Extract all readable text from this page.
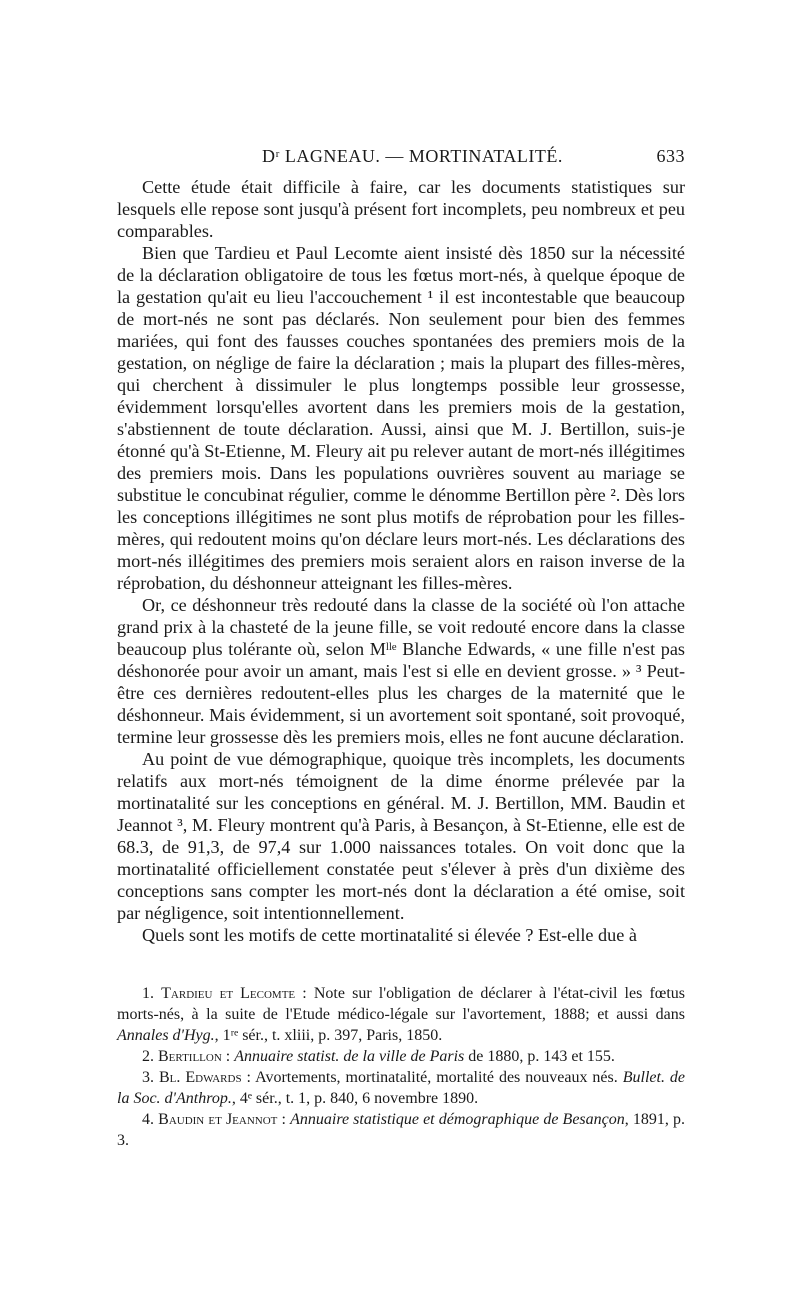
Dʳ LAGNEAU. — MORTINATALITÉ.	633

Cette étude était difficile à faire, car les documents statistiques sur lesquels elle repose sont jusqu'à présent fort incomplets, peu nombreux et peu comparables.

Bien que Tardieu et Paul Lecomte aient insisté dès 1850 sur la nécessité de la déclaration obligatoire de tous les fœtus mort-nés, à quelque époque de la gestation qu'ait eu lieu l'accouchement ¹ il est incontestable que beaucoup de mort-nés ne sont pas déclarés. Non seulement pour bien des femmes mariées, qui font des fausses couches spontanées des premiers mois de la gestation, on néglige de faire la déclaration ; mais la plupart des filles-mères, qui cherchent à dissimuler le plus longtemps possible leur grossesse, évidemment lorsqu'elles avortent dans les premiers mois de la gestation, s'abstiennent de toute déclaration. Aussi, ainsi que M. J. Bertillon, suis-je étonné qu'à St-Etienne, M. Fleury ait pu relever autant de mort-nés illégitimes des premiers mois. Dans les populations ouvrières souvent au mariage se substitue le concubinat régulier, comme le dénomme Bertillon père ². Dès lors les conceptions illégitimes ne sont plus motifs de réprobation pour les filles-mères, qui redoutent moins qu'on déclare leurs mort-nés. Les déclarations des mort-nés illégitimes des premiers mois seraient alors en raison inverse de la réprobation, du déshonneur atteignant les filles-mères.

Or, ce déshonneur très redouté dans la classe de la société où l'on attache grand prix à la chasteté de la jeune fille, se voit redouté encore dans la classe beaucoup plus tolérante où, selon Mˡˡᵉ Blanche Edwards, « une fille n'est pas déshonorée pour avoir un amant, mais l'est si elle en devient grosse. » ³ Peut-être ces dernières redoutent-elles plus les charges de la maternité que le déshonneur. Mais évidemment, si un avortement soit spontané, soit provoqué, termine leur grossesse dès les premiers mois, elles ne font aucune déclaration.

Au point de vue démographique, quoique très incomplets, les documents relatifs aux mort-nés témoignent de la dime énorme prélevée par la mortinatalité sur les conceptions en général. M. J. Bertillon, MM. Baudin et Jeannot ³, M. Fleury montrent qu'à Paris, à Besançon, à St-Etienne, elle est de 68.3, de 91,3, de 97,4 sur 1.000 naissances totales. On voit donc que la mortinatalité officiellement constatée peut s'élever à près d'un dixième des conceptions sans compter les mort-nés dont la déclaration a été omise, soit par négligence, soit intentionnellement.

Quels sont les motifs de cette mortinatalité si élevée ? Est-elle due à

1. Tardieu et Lecomte : Note sur l'obligation de déclarer à l'état-civil les fœtus morts-nés, à la suite de l'Etude médico-légale sur l'avortement, 1888; et aussi dans Annales d'Hyg., 1ʳᵉ sér., t. xliii, p. 397, Paris, 1850.

2. Bertillon : Annuaire statist. de la ville de Paris de 1880, p. 143 et 155.

3. Bl. Edwards : Avortements, mortinatalité, mortalité des nouveaux nés. Bullet. de la Soc. d'Anthrop., 4ᵉ sér., t. 1, p. 840, 6 novembre 1890.

4. Baudin et Jeannot : Annuaire statistique et démographique de Besançon, 1891, p. 3.
